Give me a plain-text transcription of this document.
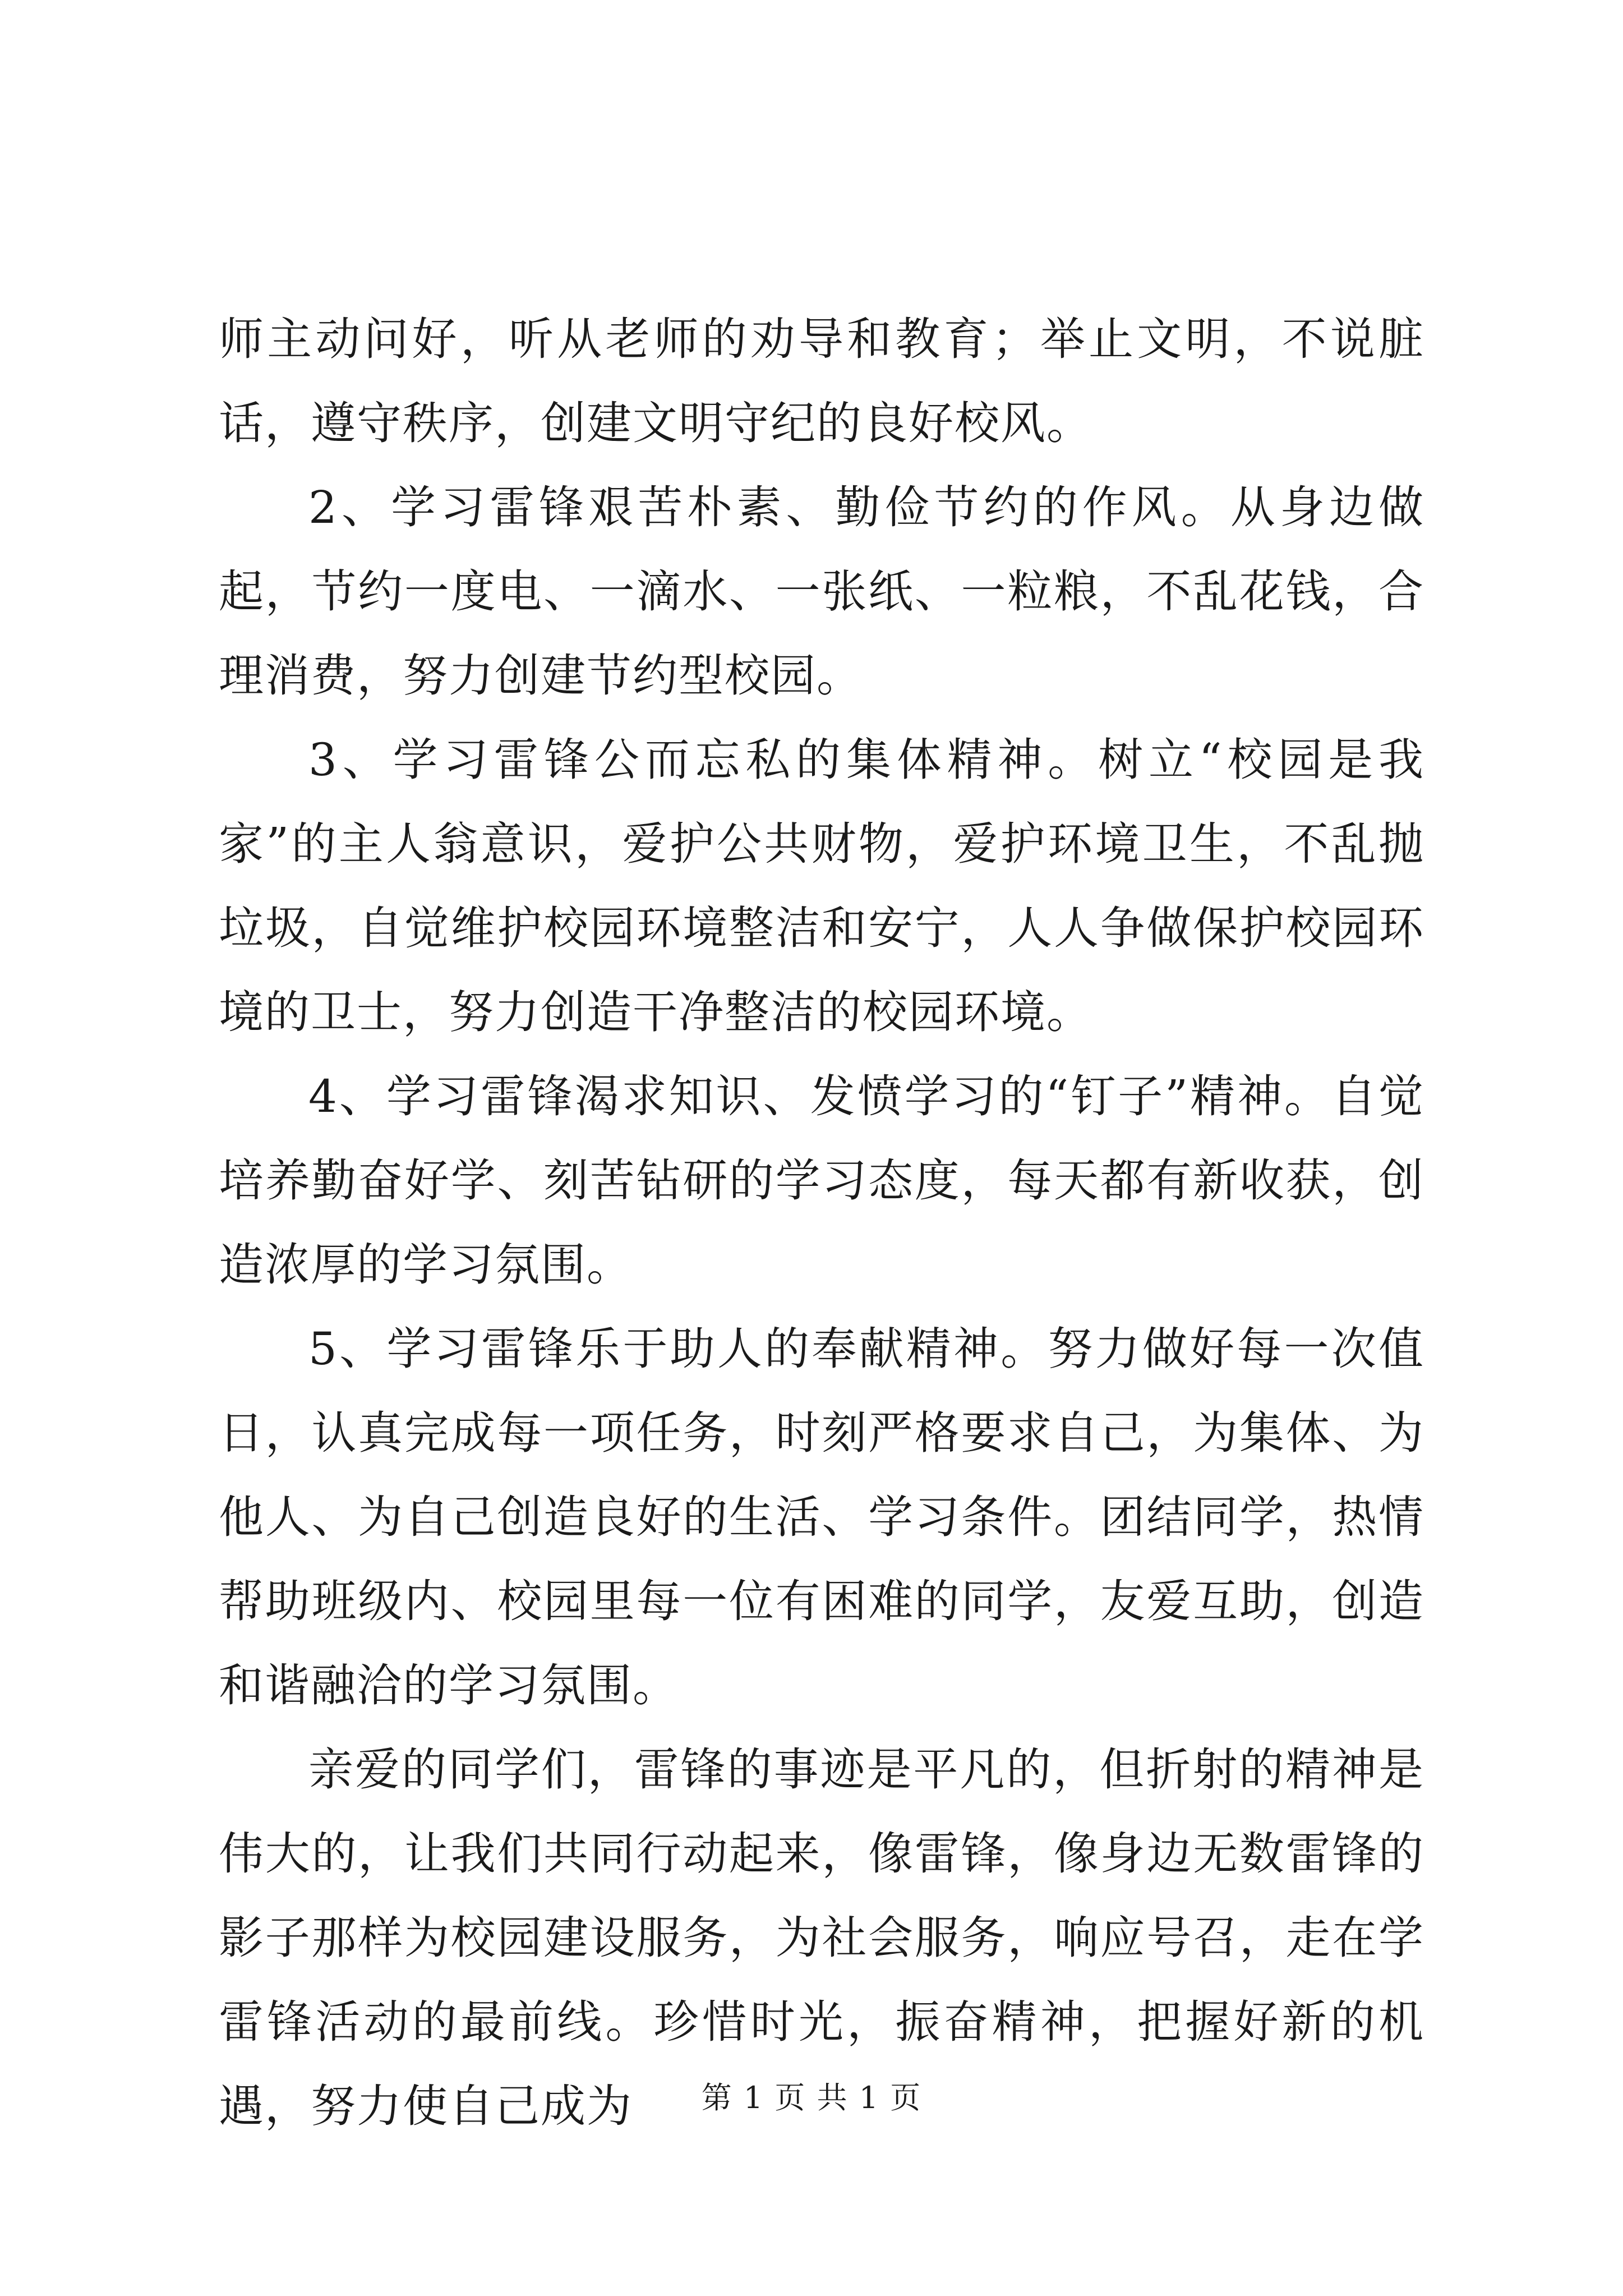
师主动问好，听从老师的劝导和教育；举止文明，不说脏话，遵守秩序，创建文明守纪的良好校风。

2、学习雷锋艰苦朴素、勤俭节约的作风。从身边做起，节约一度电、一滴水、一张纸、一粒粮，不乱花钱，合理消费，努力创建节约型校园。

3、学习雷锋公而忘私的集体精神。树立“校园是我家”的主人翁意识，爱护公共财物，爱护环境卫生，不乱抛垃圾，自觉维护校园环境整洁和安宁，人人争做保护校园环境的卫士，努力创造干净整洁的校园环境。

4、学习雷锋渴求知识、发愤学习的“钉子”精神。自觉培养勤奋好学、刻苦钻研的学习态度，每天都有新收获，创造浓厚的学习氛围。

5、学习雷锋乐于助人的奉献精神。努力做好每一次值日，认真完成每一项任务，时刻严格要求自己，为集体、为他人、为自己创造良好的生活、学习条件。团结同学，热情帮助班级内、校园里每一位有困难的同学，友爱互助，创造和谐融洽的学习氛围。

亲爱的同学们，雷锋的事迹是平凡的，但折射的精神是伟大的，让我们共同行动起来，像雷锋，像身边无数雷锋的影子那样为校园建设服务，为社会服务，响应号召，走在学雷锋活动的最前线。珍惜时光，振奋精神，把握好新的机遇，努力使自己成为	第 1 页 共 1 页
